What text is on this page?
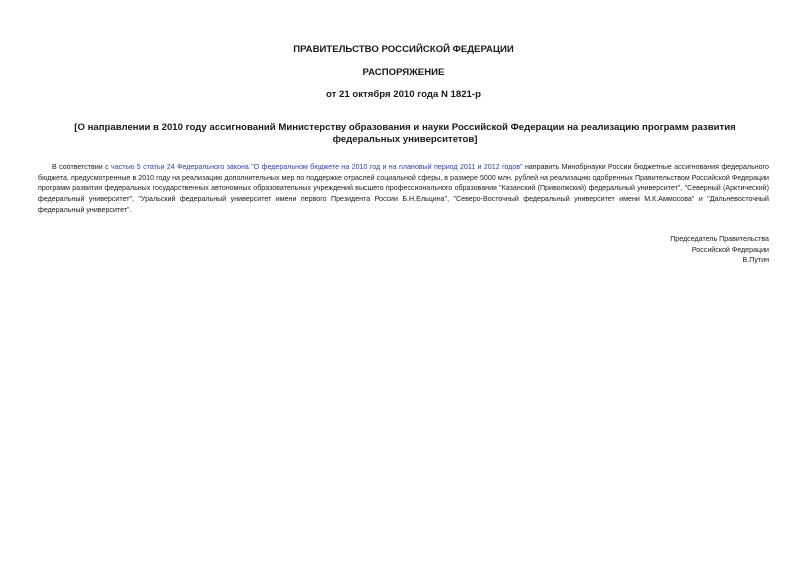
ПРАВИТЕЛЬСТВО РОССИЙСКОЙ ФЕДЕРАЦИИ

РАСПОРЯЖЕНИЕ

от 21 октября 2010 года N 1821-р

[О направлении в 2010 году ассигнований Министерству образования и науки Российской Федерации на реализацию программ развития федеральных университетов]

В соответствии с частью 5 статьи 24 Федерального закона "О федеральном бюджете на 2010 год и на плановый период 2011 и 2012 годов" направить Минобрнауки России бюджетные ассигнования федерального бюджета, предусмотренные в 2010 году на реализацию дополнительных мер по поддержке отраслей социальной сферы, в размере 5000 млн. рублей на реализацию одобренных Правительством Российской Федерации программ развития федеральных государственных автономных образовательных учреждений высшего профессионального образования "Казанский (Приволжский) федеральный университет", "Северный (Арктический) федеральный университет", "Уральский федеральный университет имени первого Президента России Б.Н.Ельцина", "Северо-Восточный федеральный университет имени М.К.Аммосова" и "Дальневосточный федеральный университет".

Председатель Правительства
Российской Федерации
В.Путин
